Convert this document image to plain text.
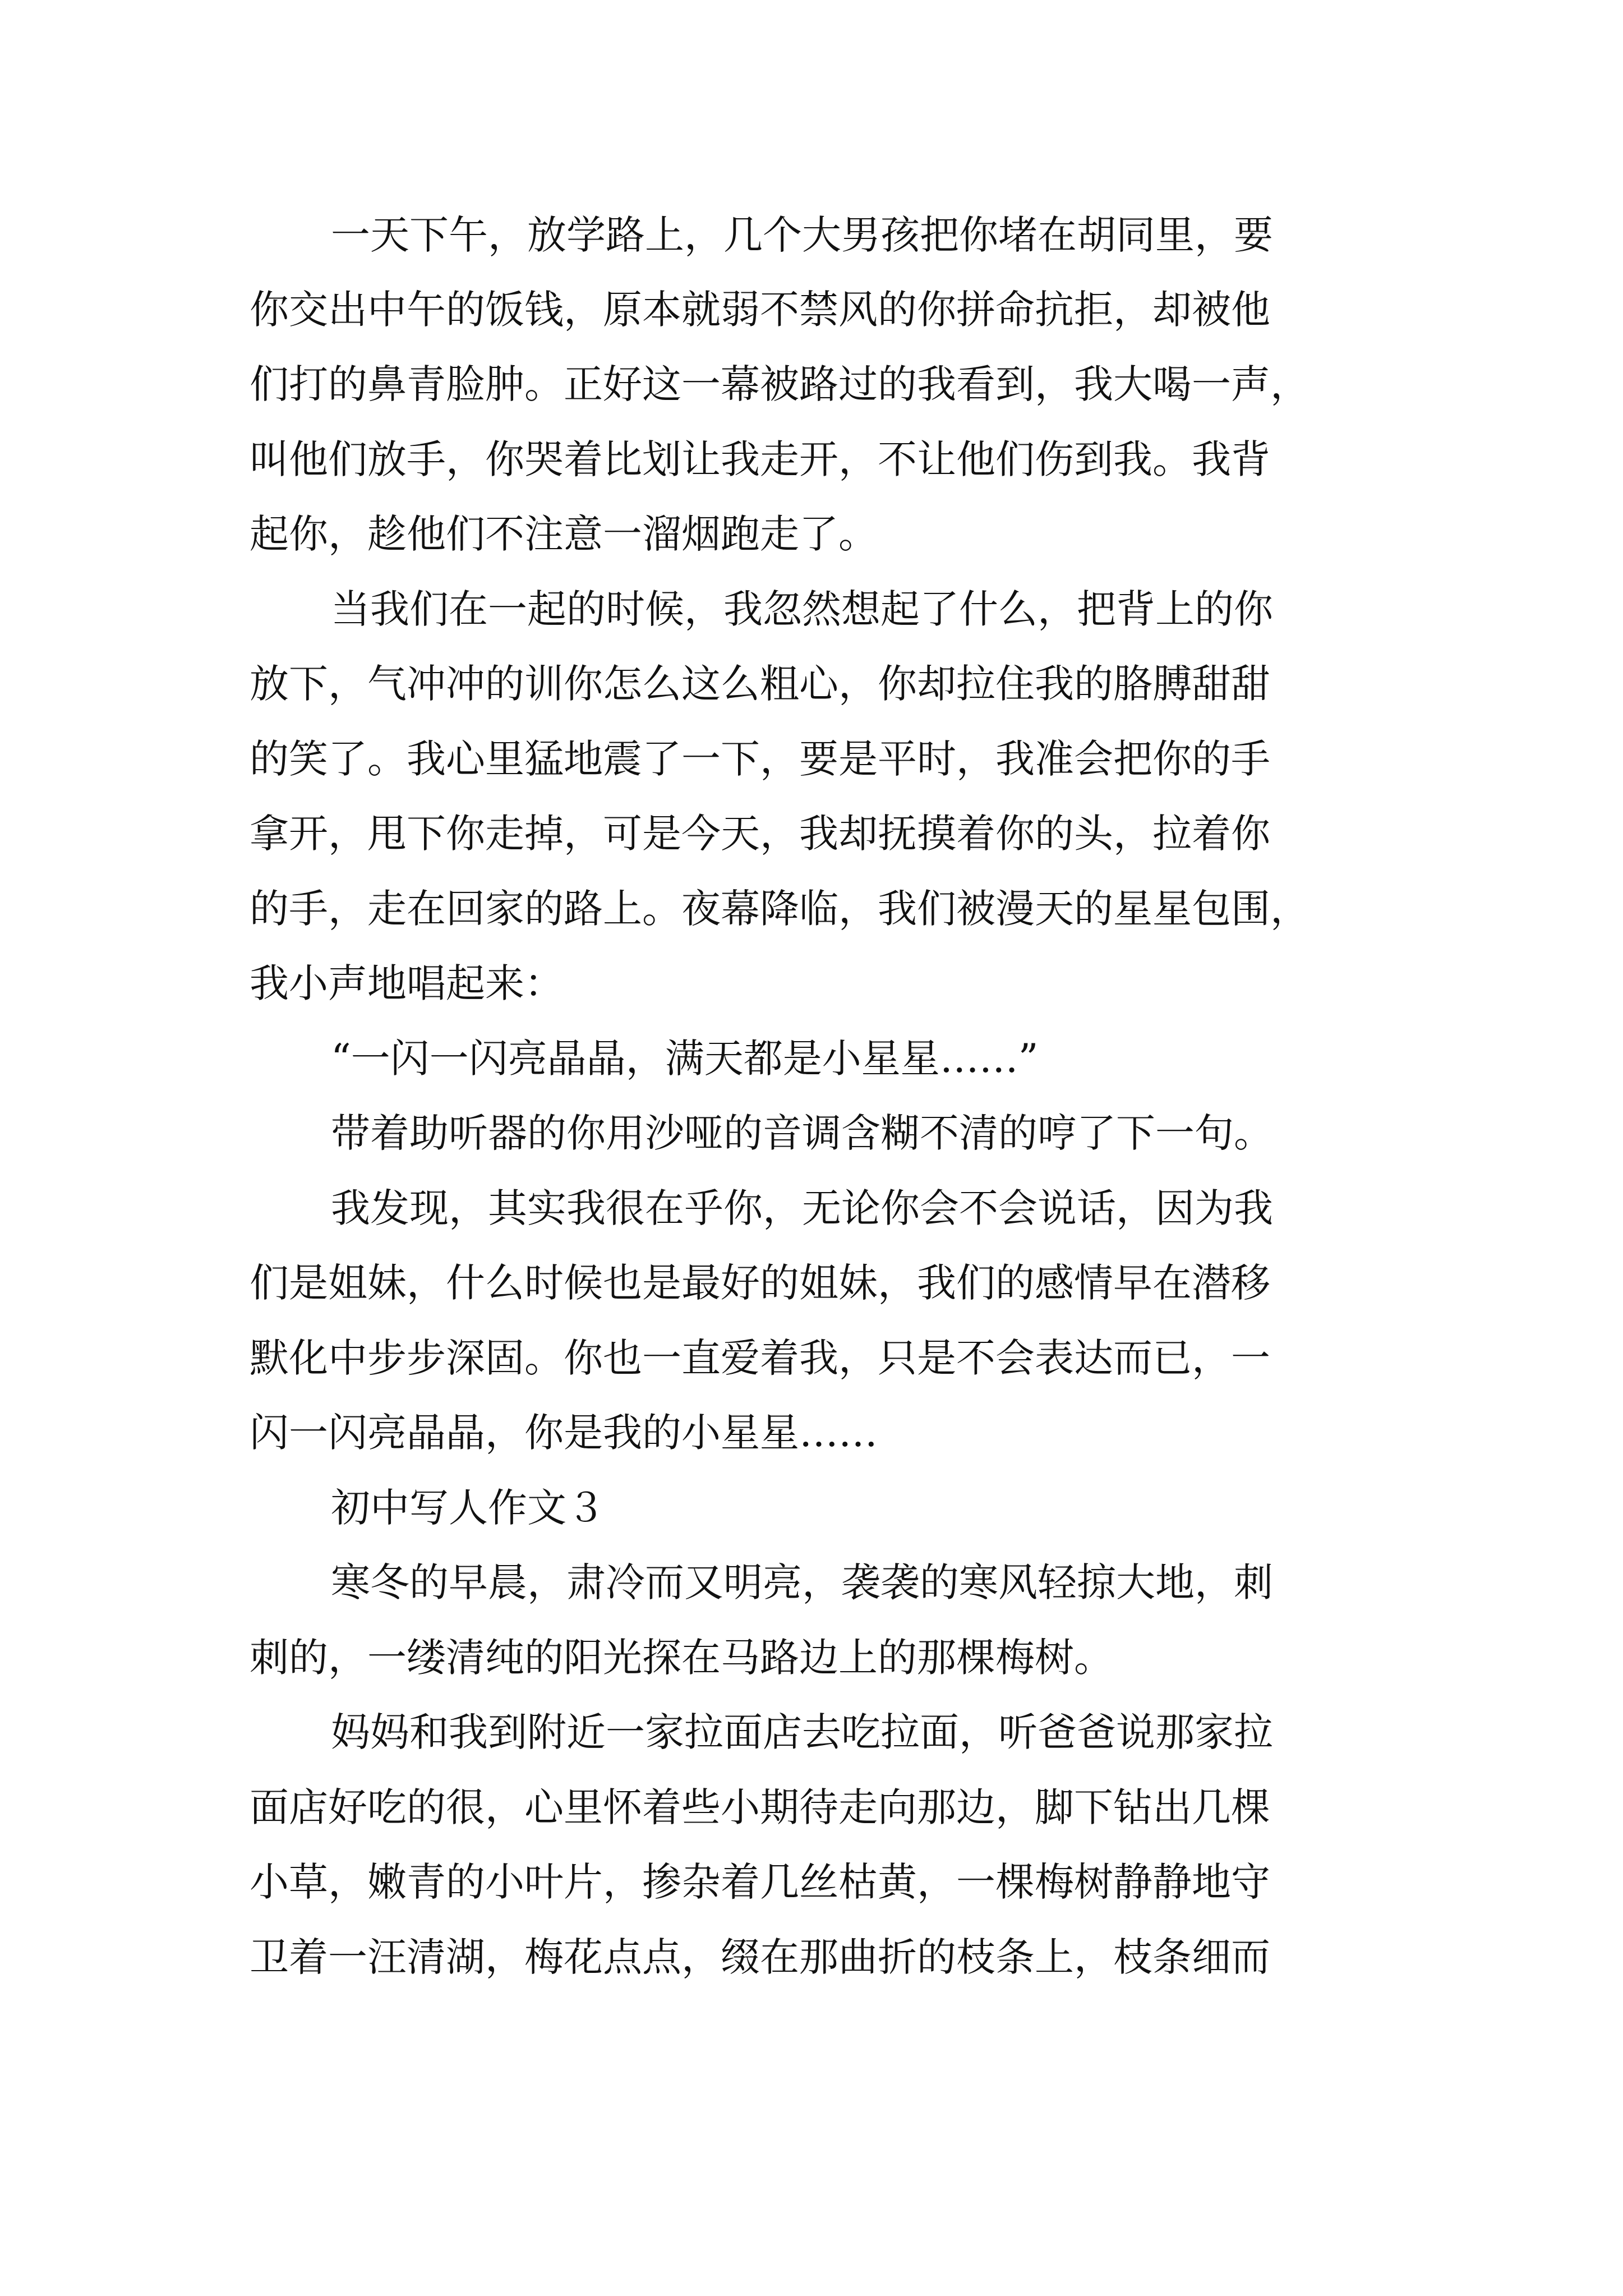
一天下午，放学路上，几个大男孩把你堵在胡同里，要
你交出中午的饭钱，原本就弱不禁风的你拼命抗拒，却被他
们打的鼻青脸肿。正好这一幕被路过的我看到，我大喝一声，
叫他们放手，你哭着比划让我走开，不让他们伤到我。我背
起你，趁他们不注意一溜烟跑走了。
当我们在一起的时候，我忽然想起了什么，把背上的你
放下，气冲冲的训你怎么这么粗心，你却拉住我的胳膊甜甜
的笑了。我心里猛地震了一下，要是平时，我准会把你的手
拿开，甩下你走掉，可是今天，我却抚摸着你的头，拉着你
的手，走在回家的路上。夜幕降临，我们被漫天的星星包围，
我小声地唱起来：
“一闪一闪亮晶晶，满天都是小星星……”
带着助听器的你用沙哑的音调含糊不清的哼了下一句。
我发现，其实我很在乎你，无论你会不会说话，因为我
们是姐妹，什么时候也是最好的姐妹，我们的感情早在潜移
默化中步步深固。你也一直爱着我，只是不会表达而已，一
闪一闪亮晶晶，你是我的小星星……
初中写人作文３
寒冬的早晨，肃冷而又明亮，袭袭的寒风轻掠大地，刺
刺的，一缕清纯的阳光探在马路边上的那棵梅树。
妈妈和我到附近一家拉面店去吃拉面，听爸爸说那家拉
面店好吃的很，心里怀着些小期待走向那边，脚下钻出几棵
小草，嫩青的小叶片，掺杂着几丝枯黄，一棵梅树静静地守
卫着一汪清湖，梅花点点，缀在那曲折的枝条上，枝条细而
